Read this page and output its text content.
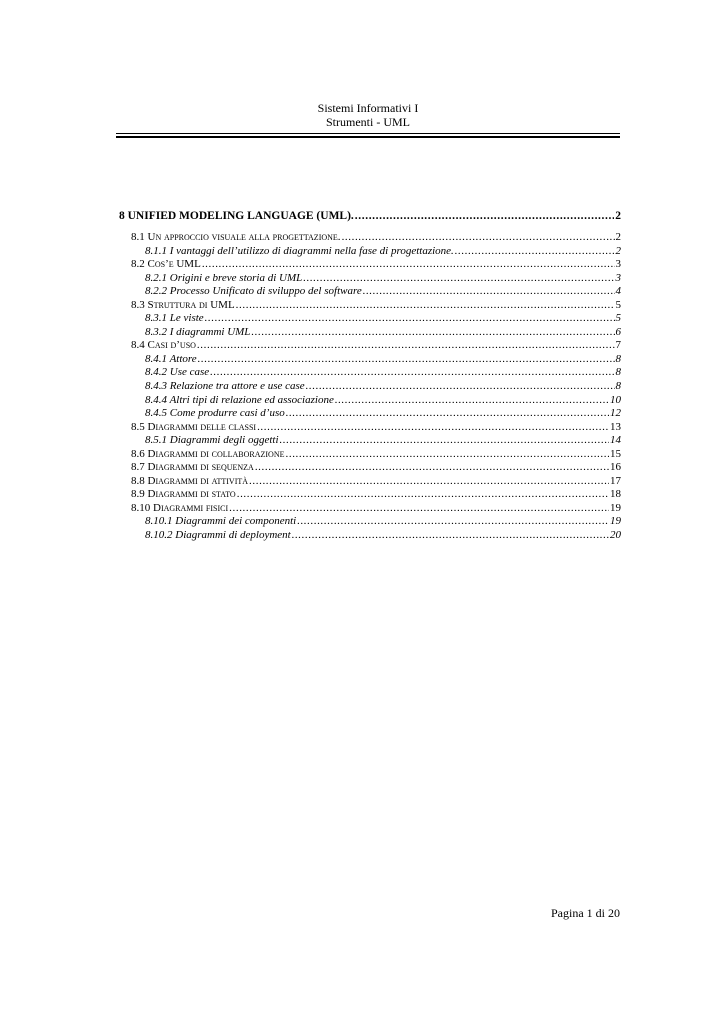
Sistemi Informativi I
Strumenti - UML
8 UNIFIED MODELING LANGUAGE (UML). .....	2
8.1 Un approccio visuale alla progettazione. .....	2
8.1.1 I vantaggi dell’utilizzo di diagrammi nella fase di progettazione. .....	2
8.2 Cos’e UML .....	3
8.2.1 Origini e breve storia di UML .....	3
8.2.2 Processo Unificato di sviluppo del software .....	4
8.3 Struttura di UML .....	5
8.3.1 Le viste .....	5
8.3.2 I diagrammi UML .....	6
8.4 Casi d’uso .....	7
8.4.1 Attore .....	8
8.4.2 Use case .....	8
8.4.3 Relazione tra attore e use case .....	8
8.4.4 Altri tipi di relazione ed associazione .....	10
8.4.5 Come produrre casi d’uso .....	12
8.5 Diagrammi delle classi .....	13
8.5.1 Diagrammi degli oggetti .....	14
8.6 Diagrammi di collaborazione .....	15
8.7 Diagrammi di sequenza .....	16
8.8 Diagrammi di attività .....	17
8.9 Diagrammi di stato .....	18
8.10 Diagrammi fisici .....	19
8.10.1 Diagrammi dei componenti .....	19
8.10.2 Diagrammi di deployment .....	20
Pagina 1 di 20
